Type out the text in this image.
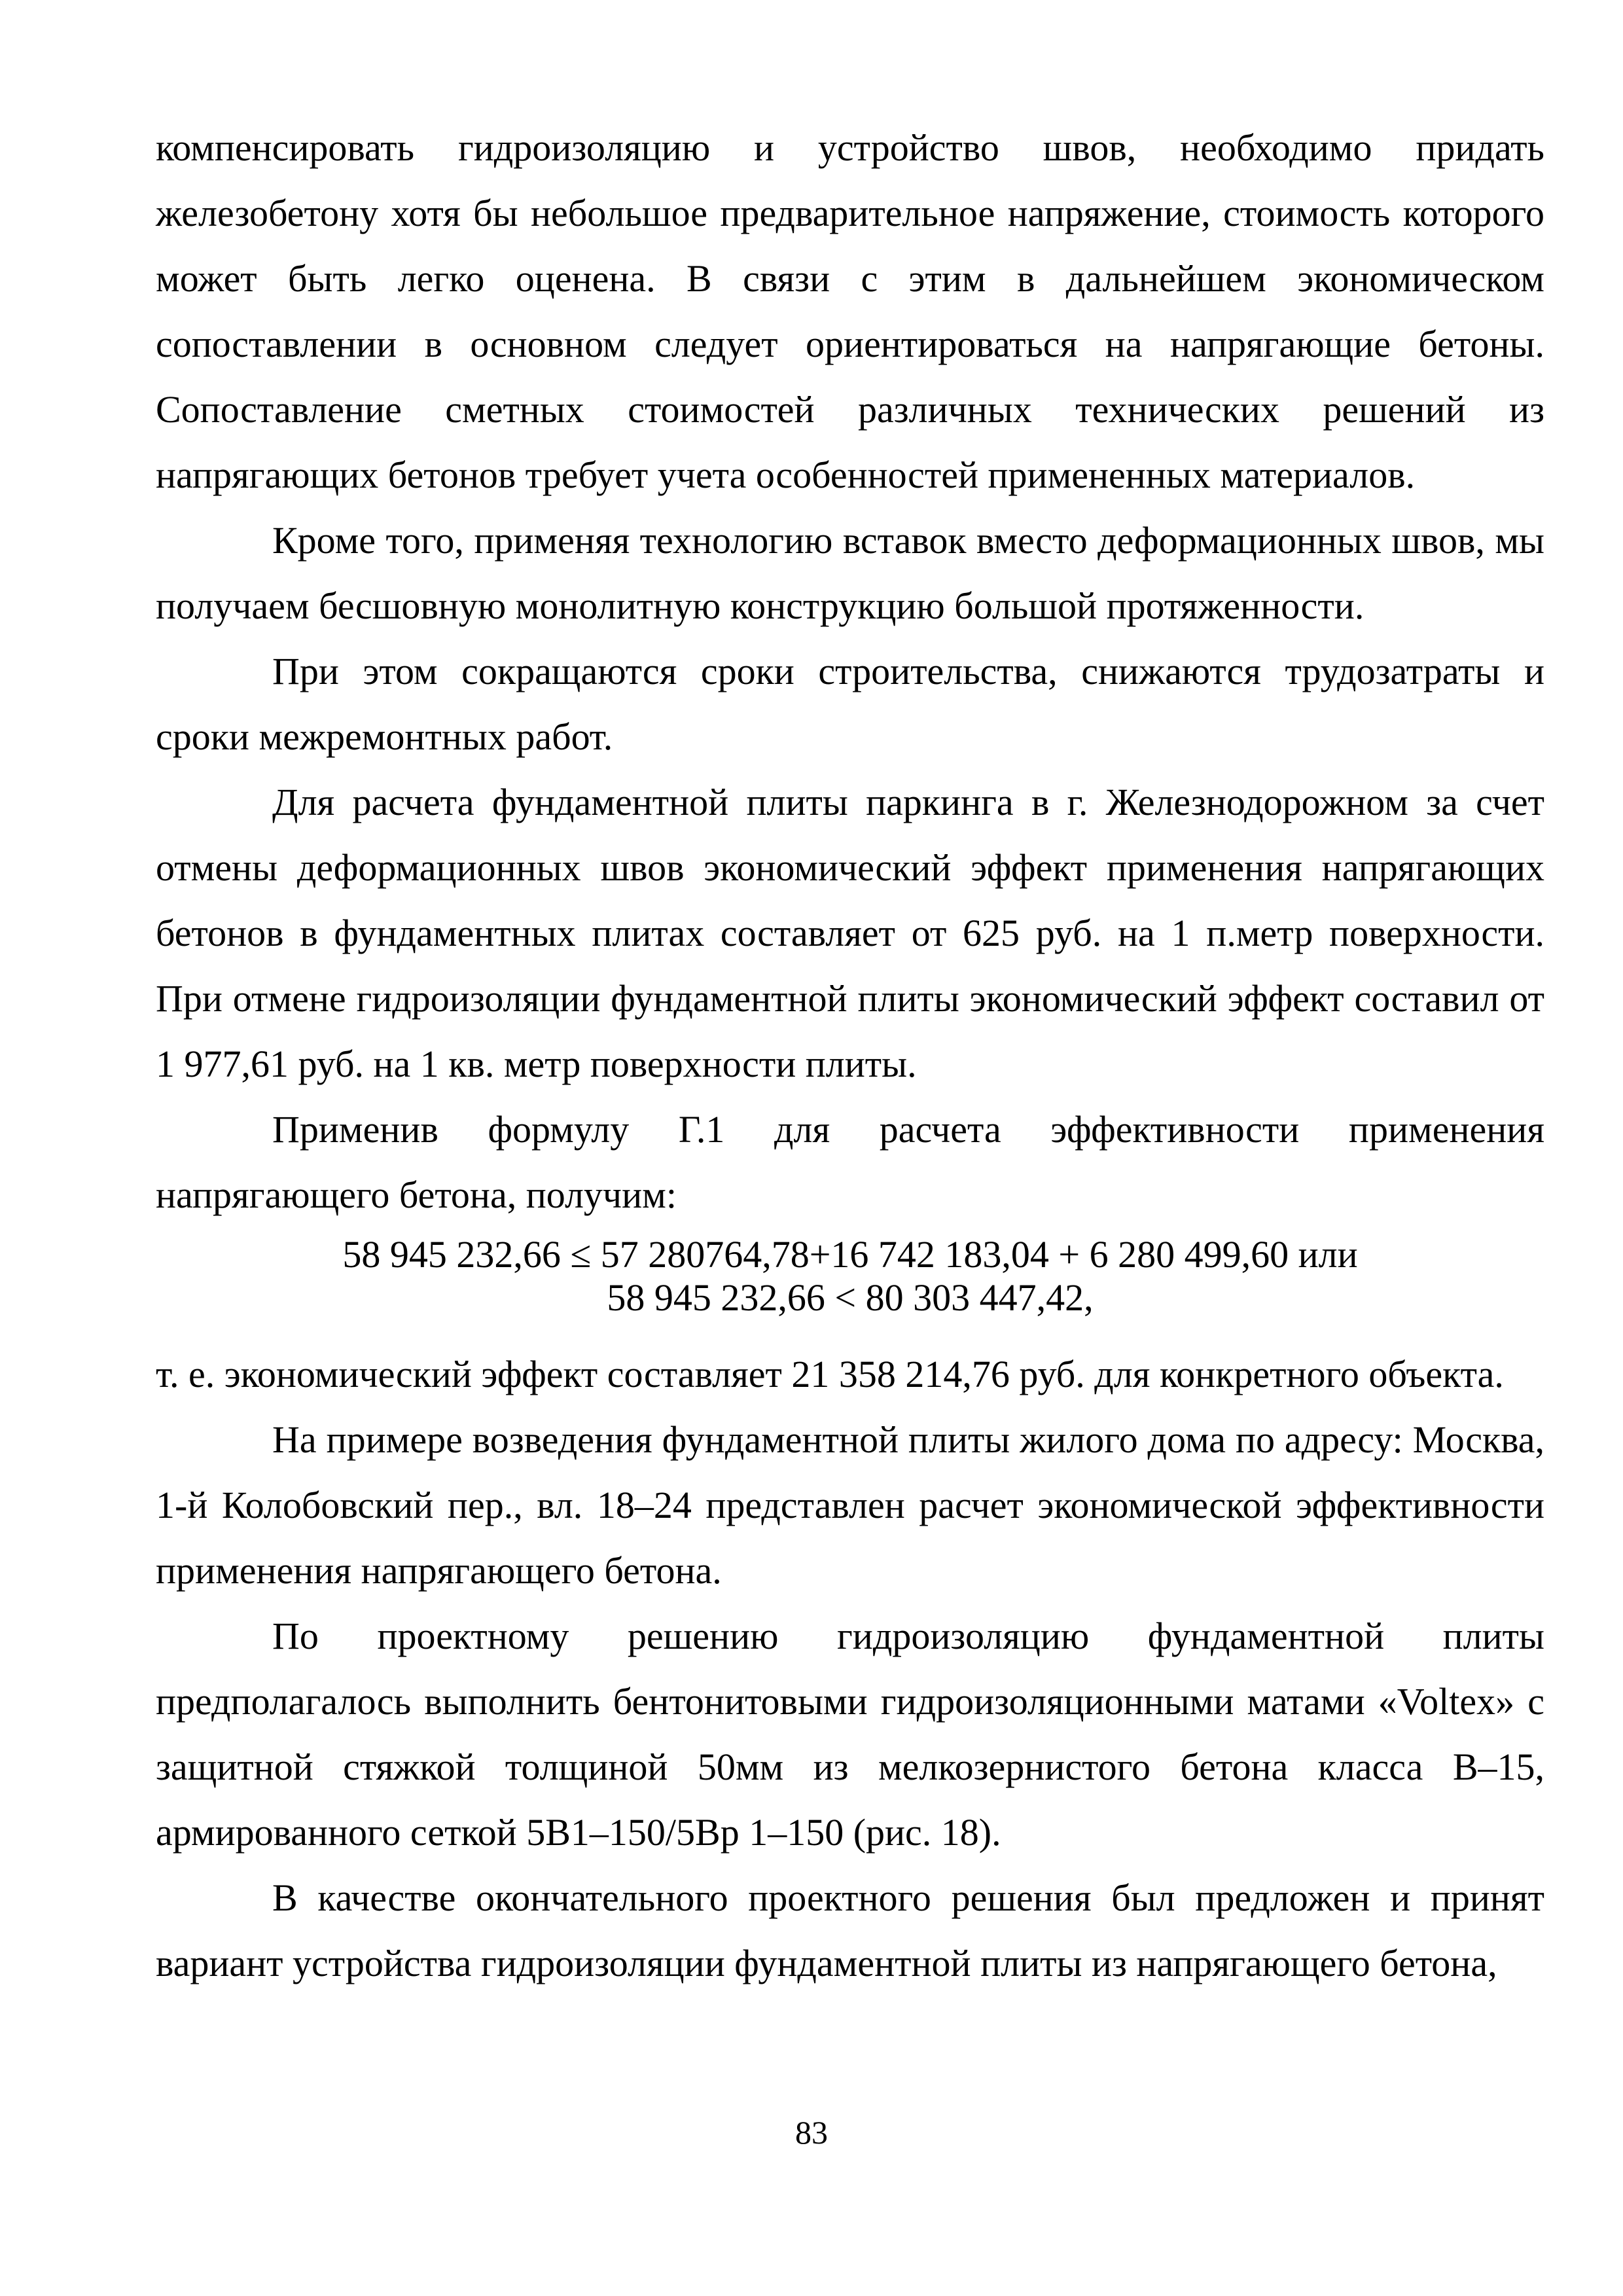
компенсировать гидроизоляцию и устройство швов, необходимо придать железобетону хотя бы небольшое предварительное напряжение, стоимость которого может быть легко оценена. В связи с этим в дальнейшем экономическом сопоставлении в основном следует ориентироваться на напрягающие бетоны. Сопоставление сметных стоимостей различных технических решений из напрягающих бетонов требует учета особенностей примененных материалов.

Кроме того, применяя технологию вставок вместо деформационных швов, мы получаем бесшовную монолитную конструкцию большой протяженности.

При этом сокращаются сроки строительства, снижаются трудозатраты и сроки межремонтных работ.

Для расчета фундаментной плиты паркинга в г. Железнодорожном за счет отмены деформационных швов экономический эффект применения напрягающих бетонов в фундаментных плитах составляет от 625 руб. на 1 п.метр поверхности. При отмене гидроизоляции фундаментной плиты экономический эффект составил от 1 977,61 руб. на 1 кв. метр поверхности плиты.

Применив формулу Г.1 для расчета эффективности применения напрягающего бетона, получим:

58 945 232,66 ≤ 57 280764,78+16 742 183,04 + 6 280 499,60 или
58 945 232,66 < 80 303 447,42,

т. е. экономический эффект составляет 21 358 214,76 руб. для конкретного объекта.

На примере возведения фундаментной плиты жилого дома по адресу: Москва, 1-й Колобовский пер., вл. 18–24 представлен расчет экономической эффективности применения напрягающего бетона.

По проектному решению гидроизоляцию фундаментной плиты предполагалось выполнить бентонитовыми гидроизоляционными матами «Voltex» с защитной стяжкой толщиной 50мм из мелкозернистого бетона класса В–15, армированного сеткой 5В1–150/5Вр 1–150 (рис. 18).

В качестве окончательного проектного решения был предложен и принят вариант устройства гидроизоляции фундаментной плиты из напрягающего бетона,

83
